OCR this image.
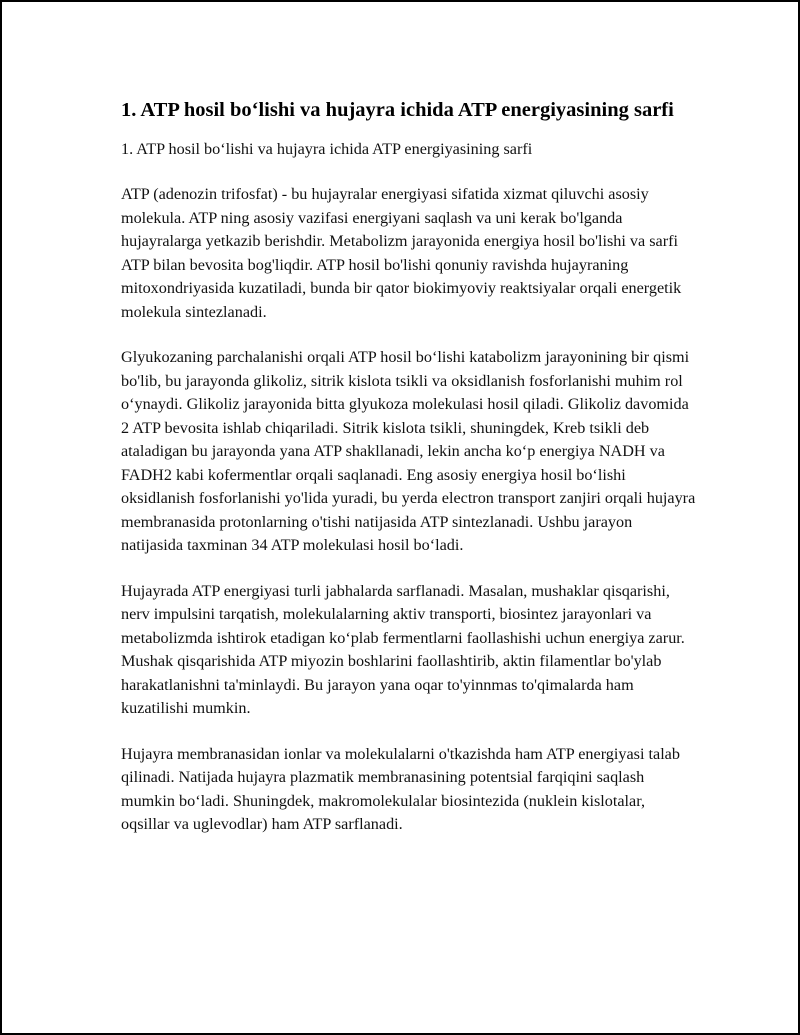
1. ATP hosil bo‘lishi va hujayra ichida ATP energiyasining sarfi
1. ATP hosil bo‘lishi va hujayra ichida ATP energiyasining sarfi

ATP (adenozin trifosfat) - bu hujayralar energiyasi sifatida xizmat qiluvchi asosiy molekula. ATP ning asosiy vazifasi energiyani saqlash va uni kerak bo'lganda hujayralarga yetkazib berishdir. Metabolizm jarayonida energiya hosil bo'lishi va sarfi ATP bilan bevosita bog'liqdir. ATP hosil bo'lishi qonuniy ravishda hujayraning mitoxondriyasida kuzatiladi, bunda bir qator biokimyoviy reaktsiyalar orqali energetik molekula sintezlanadi.

Glyukozaning parchalanishi orqali ATP hosil bo‘lishi katabolizm jarayonining bir qismi bo'lib, bu jarayonda glikoliz, sitrik kislota tsikli va oksidlanish fosforlanishi muhim rol o‘ynaydi. Glikoliz jarayonida bitta glyukoza molekulasi hosil qiladi. Glikoliz davomida 2 ATP bevosita ishlab chiqariladi. Sitrik kislota tsikli, shuningdek, Kreb tsikli deb ataladigan bu jarayonda yana ATP shakllanadi, lekin ancha ko‘p energiya NADH va FADH2 kabi kofermentlar orqali saqlanadi. Eng asosiy energiya hosil bo‘lishi oksidlanish fosforlanishi yo'lida yuradi, bu yerda electron transport zanjiri orqali hujayra membranasida protonlarning o'tishi natijasida ATP sintezlanadi. Ushbu jarayon natijasida taxminan 34 ATP molekulasi hosil bo‘ladi.

Hujayrada ATP energiyasi turli jabhalarda sarflanadi. Masalan, mushaklar qisqarishi, nerv impulsini tarqatish, molekulalarning aktiv transporti, biosintez jarayonlari va metabolizmda ishtirok etadigan ko‘plab fermentlarni faollashishi uchun energiya zarur. Mushak qisqarishida ATP miyozin boshlarini faollashtirib, aktin filamentlar bo'ylab harakatlanishni ta'minlaydi. Bu jarayon yana oqar to'yinnmas to'qimalarda ham kuzatilishi mumkin.

Hujayra membranasidan ionlar va molekulalarni o'tkazishda ham ATP energiyasi talab qilinadi. Natijada hujayra plazmatik membranasining potentsial farqiqini saqlash mumkin bo‘ladi. Shuningdek, makromolekulalar biosintezida (nuklein kislotalar, oqsillar va uglevodlar) ham ATP sarflanadi.
